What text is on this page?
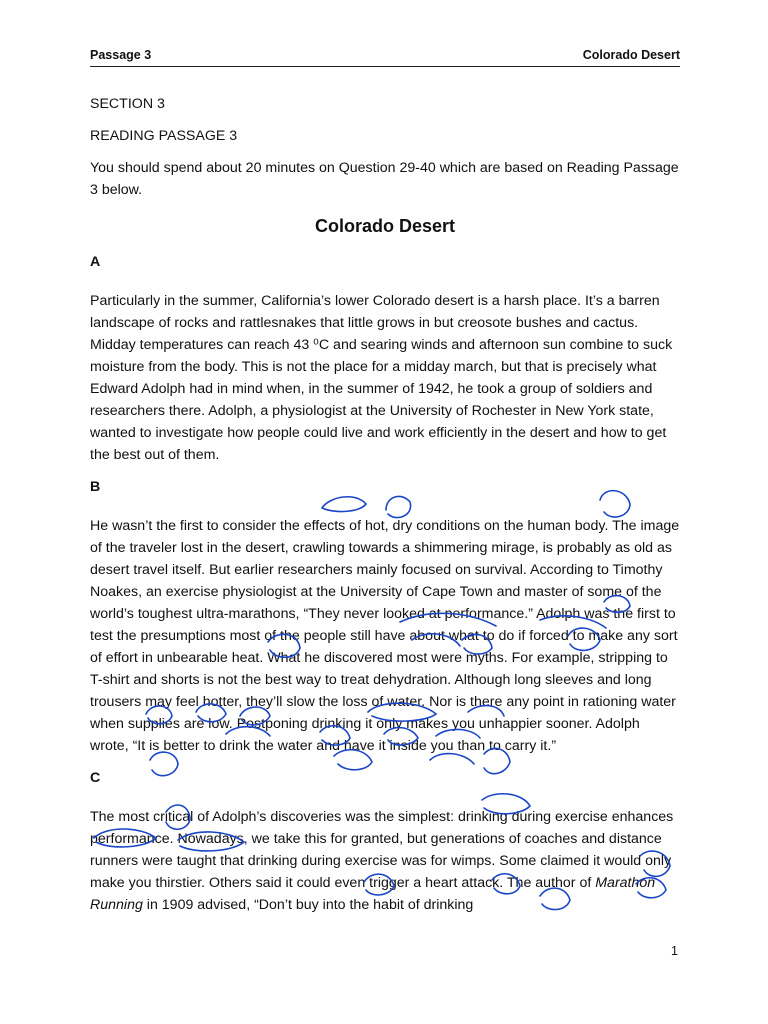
Passage 3	Colorado Desert

SECTION 3

READING PASSAGE 3

You should spend about 20 minutes on Question 29-40 which are based on Reading Passage 3 below.

Colorado Desert
A

Particularly in the summer, California’s lower Colorado desert is a harsh place. It’s a barren landscape of rocks and rattlesnakes that little grows in but creosote bushes and cactus. Midday temperatures can reach 43 ⁰C and searing winds and afternoon sun combine to suck moisture from the body. This is not the place for a midday march, but that is precisely what Edward Adolph had in mind when, in the summer of 1942, he took a group of soldiers and researchers there. Adolph, a physiologist at the University of Rochester in New York state, wanted to investigate how people could live and work efficiently in the desert and how to get the best out of them.

B

He wasn’t the first to consider the effects of hot, dry conditions on the human body. The image of the traveler lost in the desert, crawling towards a shimmering mirage, is probably as old as desert travel itself. But earlier researchers mainly focused on survival. According to Timothy Noakes, an exercise physiologist at the University of Cape Town and master of some of the world’s toughest ultra-marathons, “They never looked at performance.” Adolph was the first to test the presumptions most of the people still have about what to do if forced to make any sort of effort in unbearable heat. What he discovered most were myths. For example, stripping to T-shirt and shorts is not the best way to treat dehydration. Although long sleeves and long trousers may feel hotter, they’ll slow the loss of water. Nor is there any point in rationing water when supplies are low. Postponing drinking it only makes you unhappier sooner. Adolph wrote, “It is better to drink the water and have it inside you than to carry it.”

C

The most critical of Adolph’s discoveries was the simplest: drinking during exercise enhances performance. Nowadays, we take this for granted, but generations of coaches and distance runners were taught that drinking during exercise was for wimps. Some claimed it would only make you thirstier. Others said it could even trigger a heart attack. The author of Marathon Running in 1909 advised, “Don’t buy into the habit of drinking

1
